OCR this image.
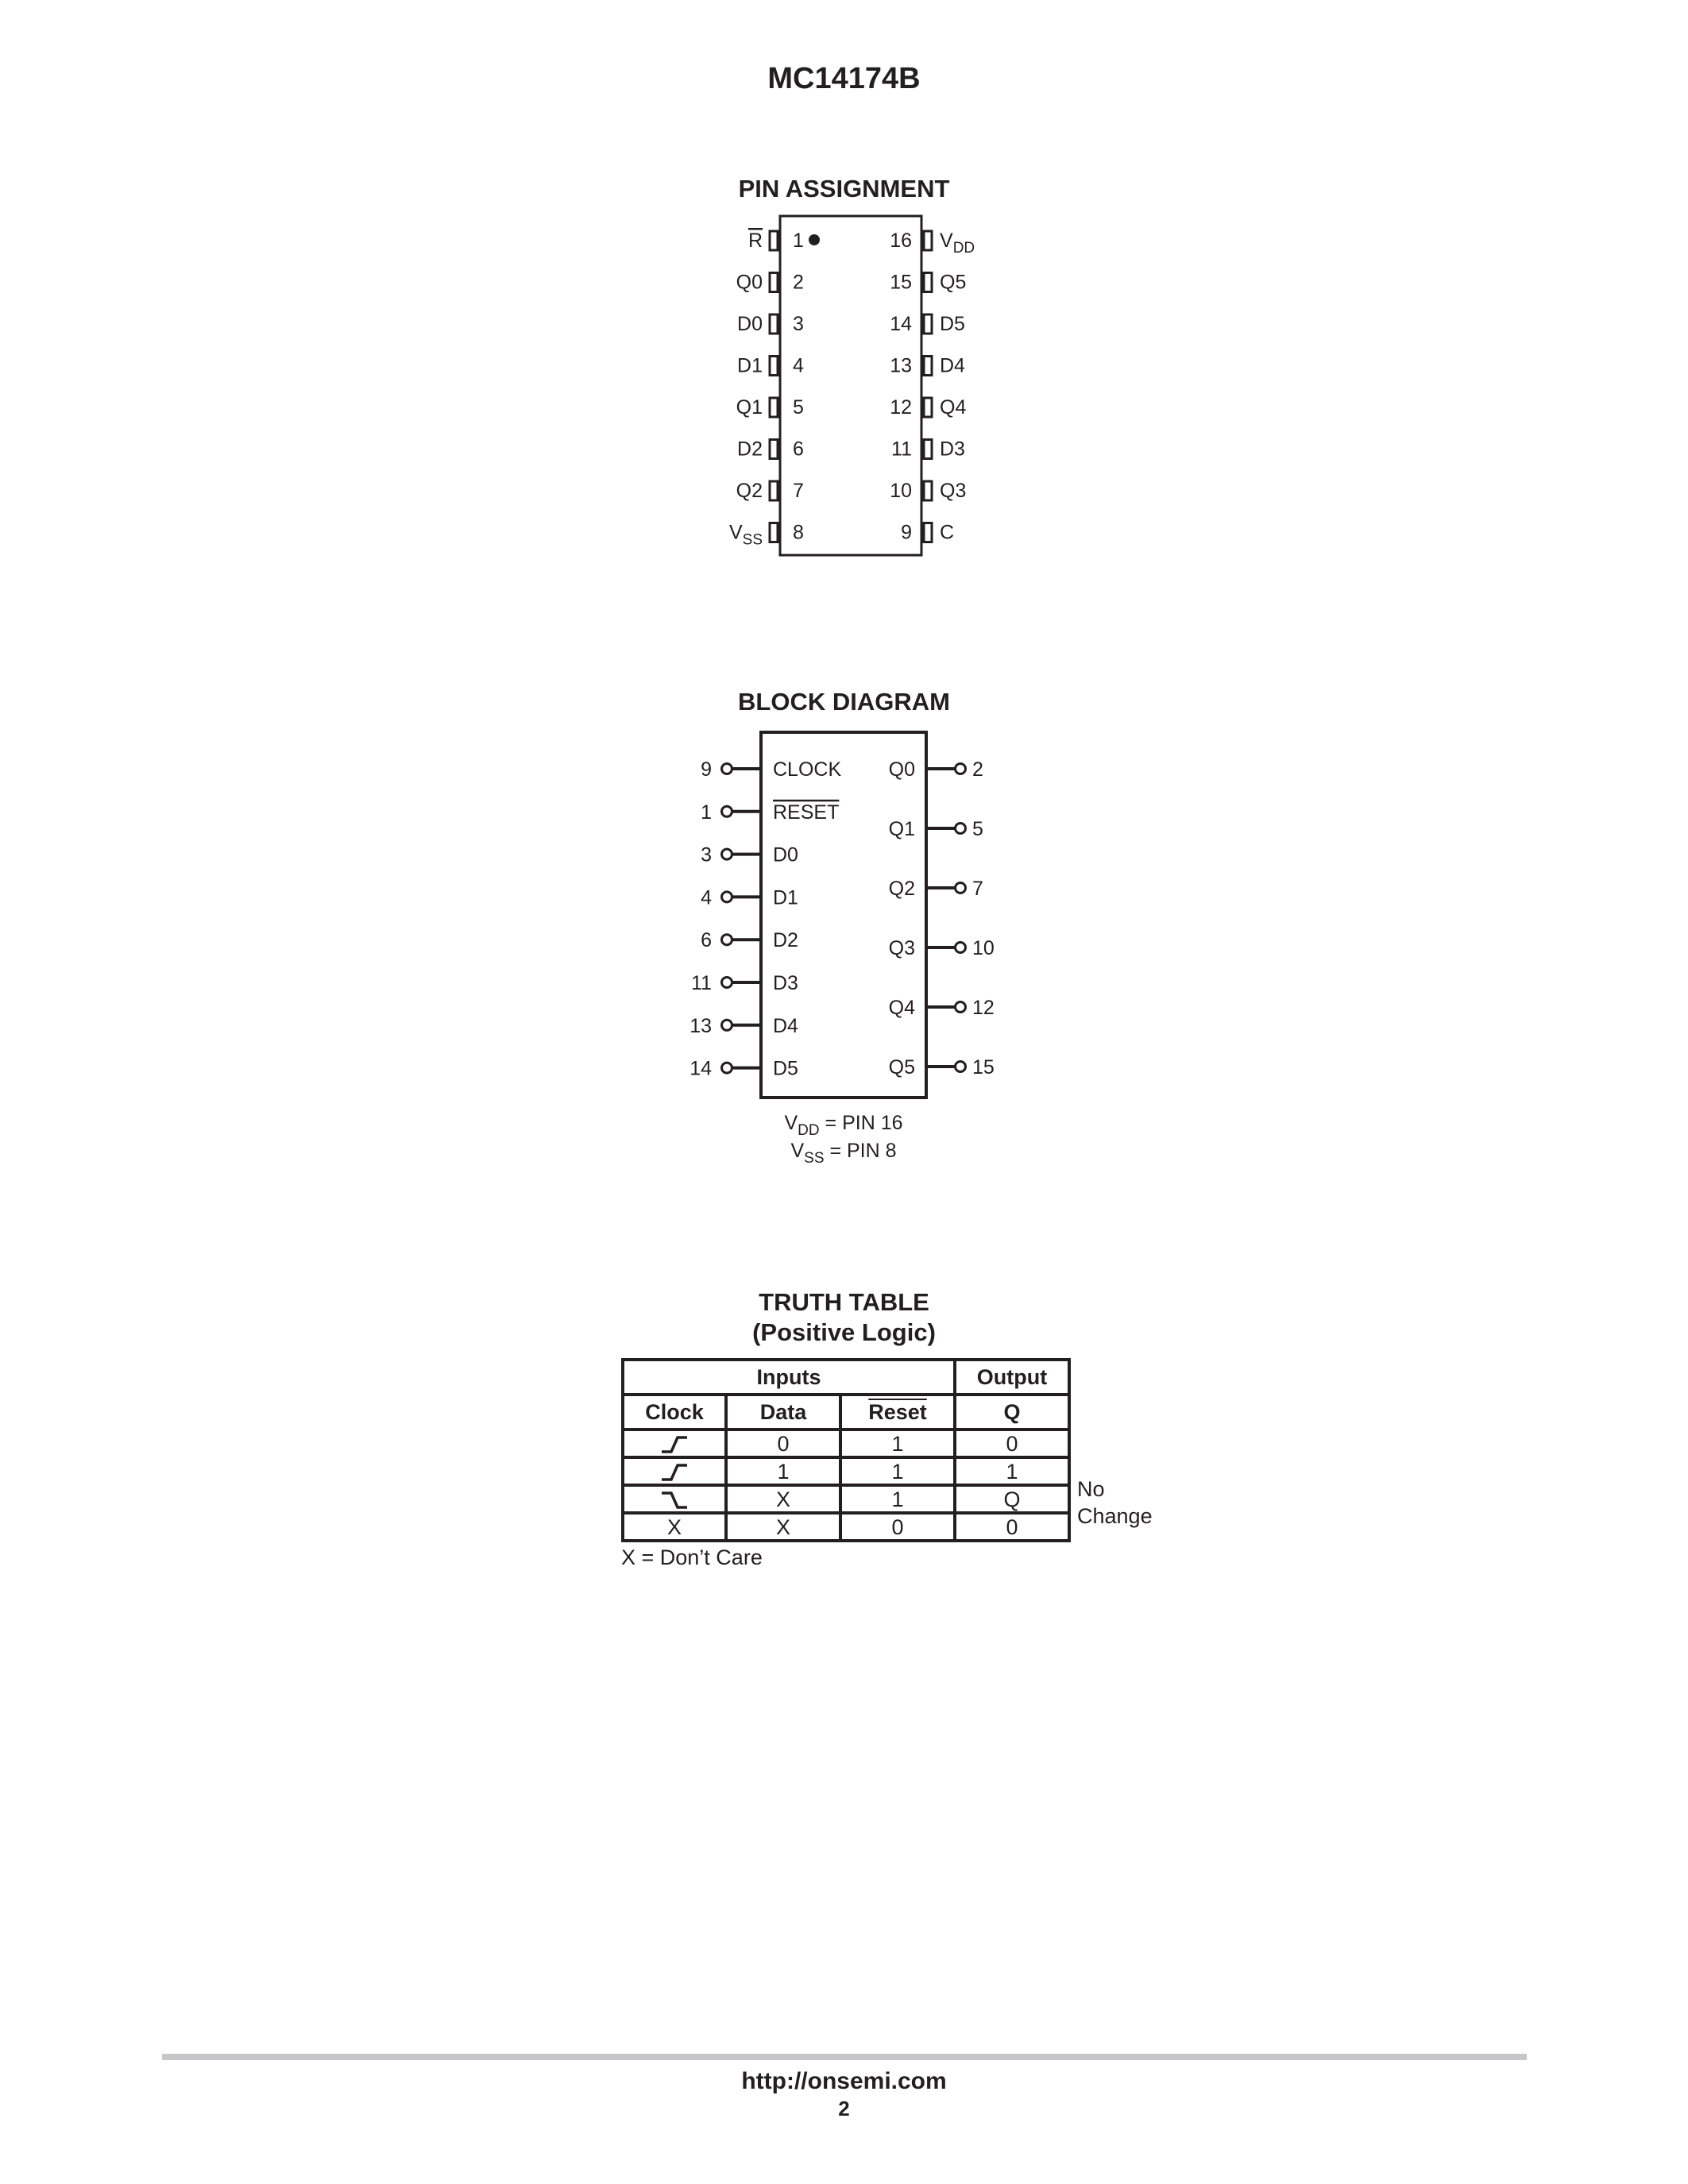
MC14174B
PIN ASSIGNMENT
1
R
2
Q0
3
D0
4
D1
5
Q1
6
D2
7
Q2
8
$V_{SS}$
16 $V_{DD}$
15 Q5
14 D5
13 D4
12 Q4
11 D3
10 Q3
9 C
BLOCK DIAGRAM
9	CLOCK
1	RESET
3	D0
4	D1
6	D2
11	D3
13	D4
14	D5
2
Q0
5
Q1
7
Q2
10
Q3
12
Q4
15
Q5
$V_{DD}$ = PIN 16
$V_{SS}$ = PIN 8
TRUTH TABLE
(Positive Logic)
Inputs			Output
Clock	Data	Reset	Q
	0	1	0
	1	1	1
	X	1	Q
X	X	0	0
No
Change
X = Don’t Care
http://onsemi.com
2
